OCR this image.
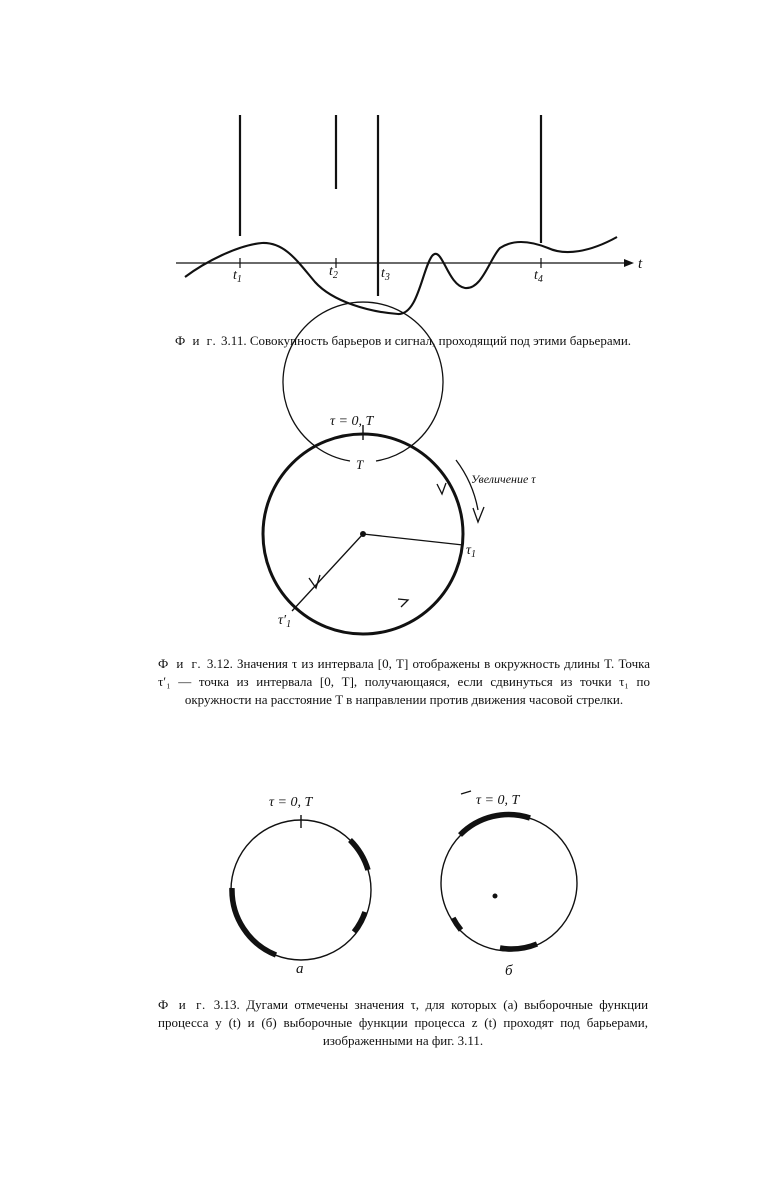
t
$t_1$
$t_2$	$t_3$	$t_4$
τ = 0, T
T
Увеличение τ
$\tau_1$
$\tau'_1$
τ = 0, T
а
τ = 0, T
б
Ф и г. 3.11. Совокупность барьеров и сигнал, проходящий под этими барьерами.
Ф и г. 3.12. Значения τ из интервала [0, T] отображены в окружность длины T. Точка τ′₁ — точка из интервала [0, T], получающаяся, если сдвинуться из точки τ₁ по окружности на расстояние T в направлении против движения часовой стрелки.
Ф и г. 3.13. Дугами отмечены значения τ, для которых (а) выборочные функции процесса y (t) и (б) выборочные функции процесса z (t) проходят под барьерами, изображенными на фиг. 3.11.
